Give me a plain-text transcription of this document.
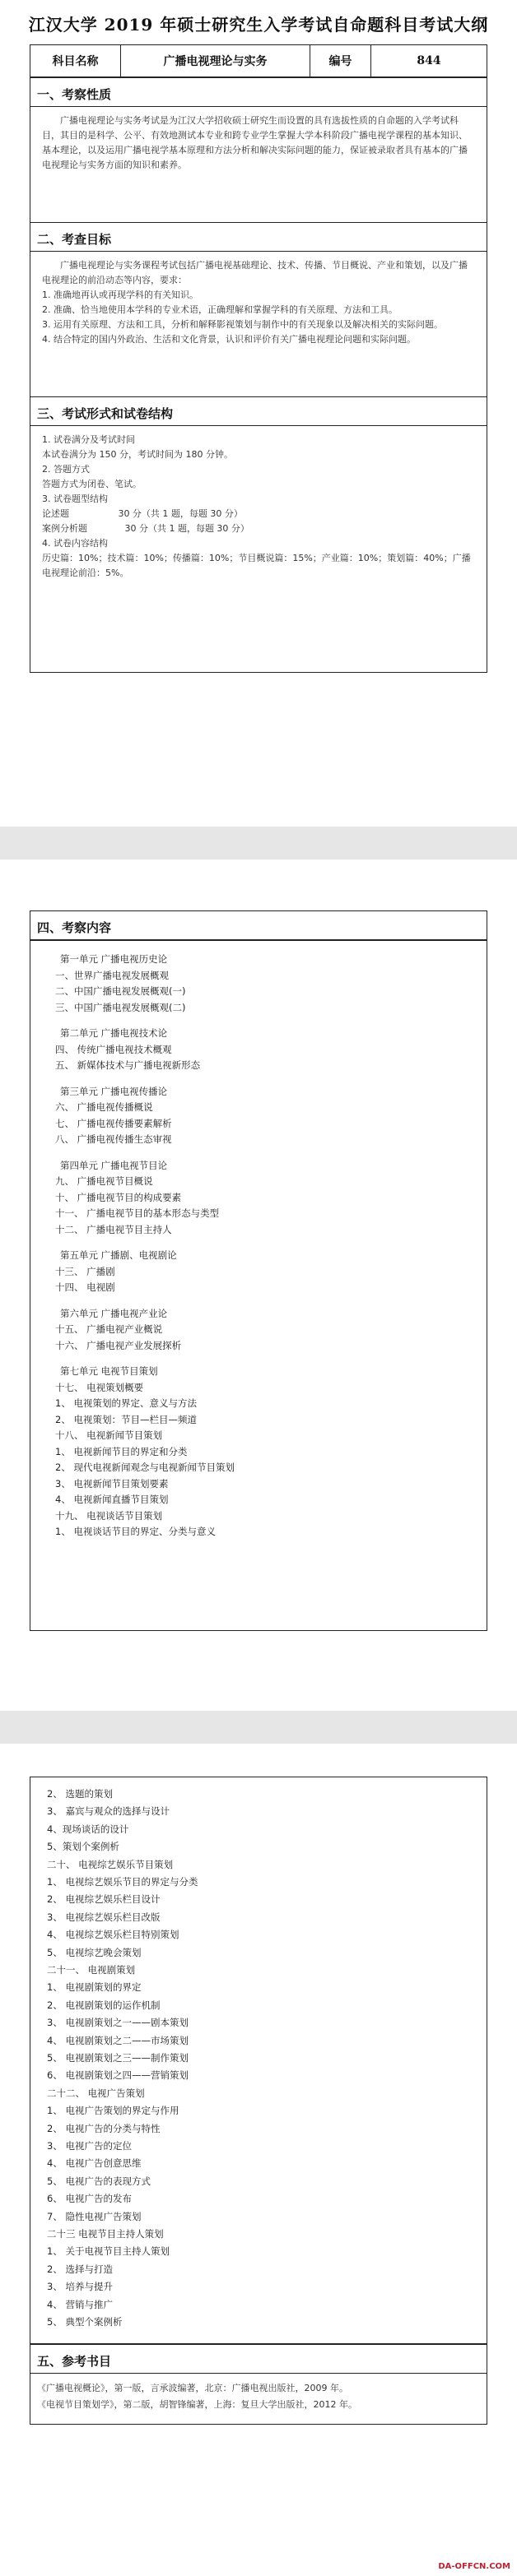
江汉大学 2019 年硕士研究生入学考试自命题科目考试大纲
科目名称	广播电视理论与实务	编号	844
一、考察性质

广播电视理论与实务考试是为江汉大学招收硕士研究生而设置的具有选拔性质的自命题的入学考试科目，其目的是科学、公平、有效地测试本专业和跨专业学生掌握大学本科阶段广播电视学课程的基本知识、基本理论，以及运用广播电视学基本原理和方法分析和解决实际问题的能力，保证被录取者具有基本的广播电视理论与实务方面的知识和素养。

二、考查目标

广播电视理论与实务课程考试包括广播电视基础理论、技术、传播、节目概说、产业和策划，以及广播电视理论的前沿动态等内容，要求：

1. 准确地再认或再现学科的有关知识。
2. 准确、恰当地使用本学科的专业术语，正确理解和掌握学科的有关原理、方法和工具。
3. 运用有关原理、方法和工具，分析和解释影视策划与制作中的有关现象以及解决相关的实际问题。
4. 结合特定的国内外政治、生活和文化背景，认识和评价有关广播电视理论问题和实际问题。
三、考试形式和试卷结构
1. 试卷满分及考试时间
本试卷满分为 150 分，考试时间为 180 分钟。
2. 答题方式
答题方式为闭卷、笔试。
3. 试卷题型结构
论述题                 30 分（共 1 题，每题 30 分）
案例分析题             30 分（共 1 题，每题 30 分）
4. 试卷内容结构
历史篇：10%；技术篇：10%；传播篇：10%；节目概说篇：15%；产业篇：10%；策划篇：40%；广播电视理论前沿：5%。
四、考察内容
第一单元 广播电视历史论
一、世界广播电视发展概观
二、中国广播电视发展概观(一)
三、中国广播电视发展概观(二)
第二单元 广播电视技术论
四、 传统广播电视技术概观
五、 新媒体技术与广播电视新形态
第三单元 广播电视传播论
六、 广播电视传播概说
七、 广播电视传播要素解析
八、 广播电视传播生态审视
第四单元 广播电视节目论
九、 广播电视节目概说
十、 广播电视节目的构成要素
十一、 广播电视节目的基本形态与类型
十二、 广播电视节目主持人
第五单元 广播剧、电视剧论
十三、 广播剧
十四、 电视剧
第六单元 广播电视产业论
十五、 广播电视产业概说
十六、 广播电视产业发展探析
第七单元 电视节目策划
十七、 电视策划概要
1、 电视策划的界定、意义与方法
2、 电视策划：节目—栏目—频道
十八、 电视新闻节目策划
1、 电视新闻节目的界定和分类
2、 现代电视新闻观念与电视新闻节目策划
3、 电视新闻节目策划要素
4、 电视新闻直播节目策划
十九、 电视谈话节目策划
1、 电视谈话节目的界定、分类与意义
2、 选题的策划
3、 嘉宾与观众的选择与设计
4、现场谈话的设计
5、策划个案例析
二十、 电视综艺娱乐节目策划
1、 电视综艺娱乐节目的界定与分类
2、 电视综艺娱乐栏目设计
3、 电视综艺娱乐栏目改版
4、 电视综艺娱乐栏目特别策划
5、 电视综艺晚会策划
二十一、 电视剧策划
1、 电视剧策划的界定
2、 电视剧策划的运作机制
3、 电视剧策划之一——剧本策划
4、 电视剧策划之二——市场策划
5、 电视剧策划之三——制作策划
6、 电视剧策划之四——营销策划
二十二、 电视广告策划
1、 电视广告策划的界定与作用
2、 电视广告的分类与特性
3、 电视广告的定位
4、 电视广告创意思维
5、 电视广告的表现方式
6、 电视广告的发布
7、 隐性电视广告策划
二十三 电视节目主持人策划
1、 关于电视节目主持人策划
2、 选择与打造
3、 培养与提升
4、 营销与推广
5、 典型个案例析
五、参考书目
《广播电视概论》，第一版，言承波编著，北京：广播电视出版社，2009 年。
《电视节目策划学》，第二版，胡智锋编著，上海：复旦大学出版社，2012 年。
DA-OFFCN.COM
